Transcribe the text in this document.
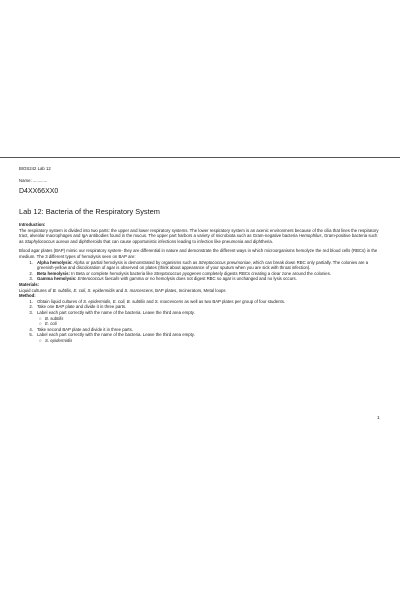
BIOS242 Lab 12
Name: ............
D4XX66XX0
Lab 12: Bacteria of the Respiratory System

Introduction:

The respiratory system is divided into two parts: the upper and lower respiratory systems. The lower respiratory system is an axenic environment because of the cilia that lines the respiratory tract, alveolar macrophages and IgA antibodies found in the mucus. The upper part harbors a variety of microbiota such as Gram-negative bacteria Hemophilus, Gram-positive bacteria such as Staphylococcus aureus and diphtheroids that can cause opportunistic infections leading to infection like pneumonia and diphtheria.

Blood agar plates (BAP) mimic our respiratory system- they are differential in nature and demonstrate the different ways in which microorganisms hemolyze the red blood cells (RBCs) in the medium. The 3 different types of hemolysis seen on BAP are:

1. Alpha hemolysis: Alpha or partial hemolysis is demonstrated by organisms such as Streptococcus pneumoniae, which can break down RBC only partially. The colonies are a greenish-yellow and discoloration of agar is observed on plates (think about appearance of your sputum when you are sick with throat infection).
2. Beta hemolysis: In Beta or complete hemolysis bacteria like Streptococcus pyogenes completely digests RBCs creating a clear zone around the colonies.
3. Gamma hemolysis: Enterococcus faecalis with gamma or no hemolysis does not digest RBC so agar is unchanged and no lysis occurs.

Materials:

Liquid cultures of B. subtilis, E. coli, S. epidermidis and S. marcescens, BAP plates, Incinerators, Metal loops

Method:

1. Obtain liquid cultures of S. epidermidis, E. coli, B. subtilis and S. marcescens as well as two BAP plates per group of four students.
2. Take one BAP plate and divide it in three parts.
3. Label each part correctly with the name of the bacteria. Leave the third area empty.
○ B. subtilis
○ E. coli
4. Take second BAP plate and divide it in three parts.
5. Label each part correctly with the name of the bacteria. Leave the third area empty.
○ S. epidermidis
1
